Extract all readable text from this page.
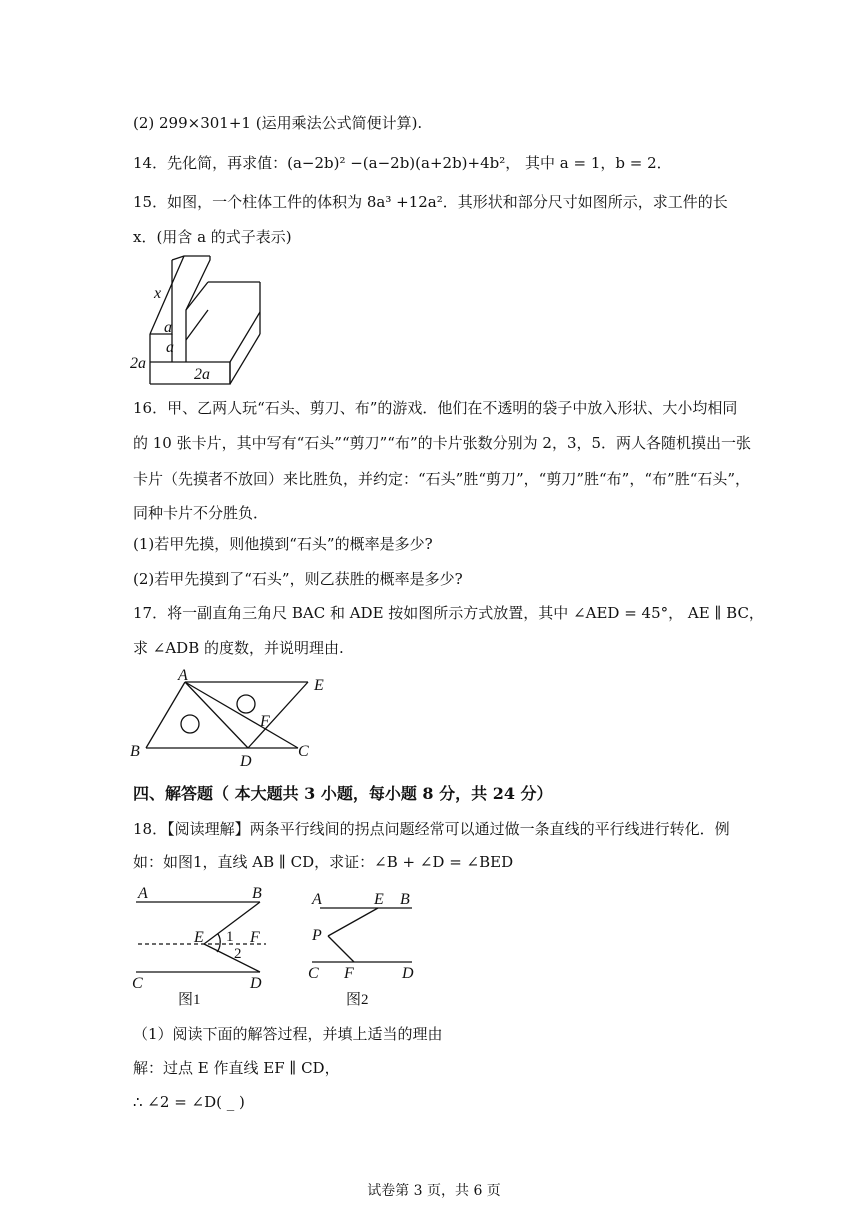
(2) 299×301+1 (运用乘法公式简便计算).
14．先化简，再求值：(a−2b)² −(a−2b)(a+2b)+4b²， 其中 a = 1，b = 2．
15．如图，一个柱体工件的体积为 8a³ +12a²．其形状和部分尺寸如图所示，求工件的长
x．(用含 a 的式子表示)
x
a
a
2a
2a
16．甲、乙两人玩“石头、剪刀、布”的游戏．他们在不透明的袋子中放入形状、大小均相同
的 10 张卡片，其中写有“石头”“剪刀”“布”的卡片张数分别为 2，3，5．两人各随机摸出一张
卡片（先摸者不放回）来比胜负，并约定：“石头”胜“剪刀”，“剪刀”胜“布”，“布”胜“石头”，
同种卡片不分胜负．
(1)若甲先摸，则他摸到“石头”的概率是多少?
(2)若甲先摸到了“石头”，则乙获胜的概率是多少?
17．将一副直角三角尺 BAC 和 ADE 按如图所示方式放置，其中 ∠AED = 45°， AE ∥ BC，
求 ∠ADB 的度数，并说明理由.
A
E
B	C
D
F
四、解答题（ 本大题共 3 小题，每小题 8 分，共 24 分）
18．【阅读理解】两条平行线间的拐点问题经常可以通过做一条直线的平行线进行转化．例
如：如图1，直线 AB ∥ CD，求证：∠B + ∠D = ∠BED
A	B
E	F
1
2
C	D
图1
A	E B
P
C F	D
图2
（1）阅读下面的解答过程，并填上适当的理由
解：过点 E 作直线 EF ∥ CD，
∴ ∠2 = ∠D( _ )
试卷第 3 页，共 6 页
